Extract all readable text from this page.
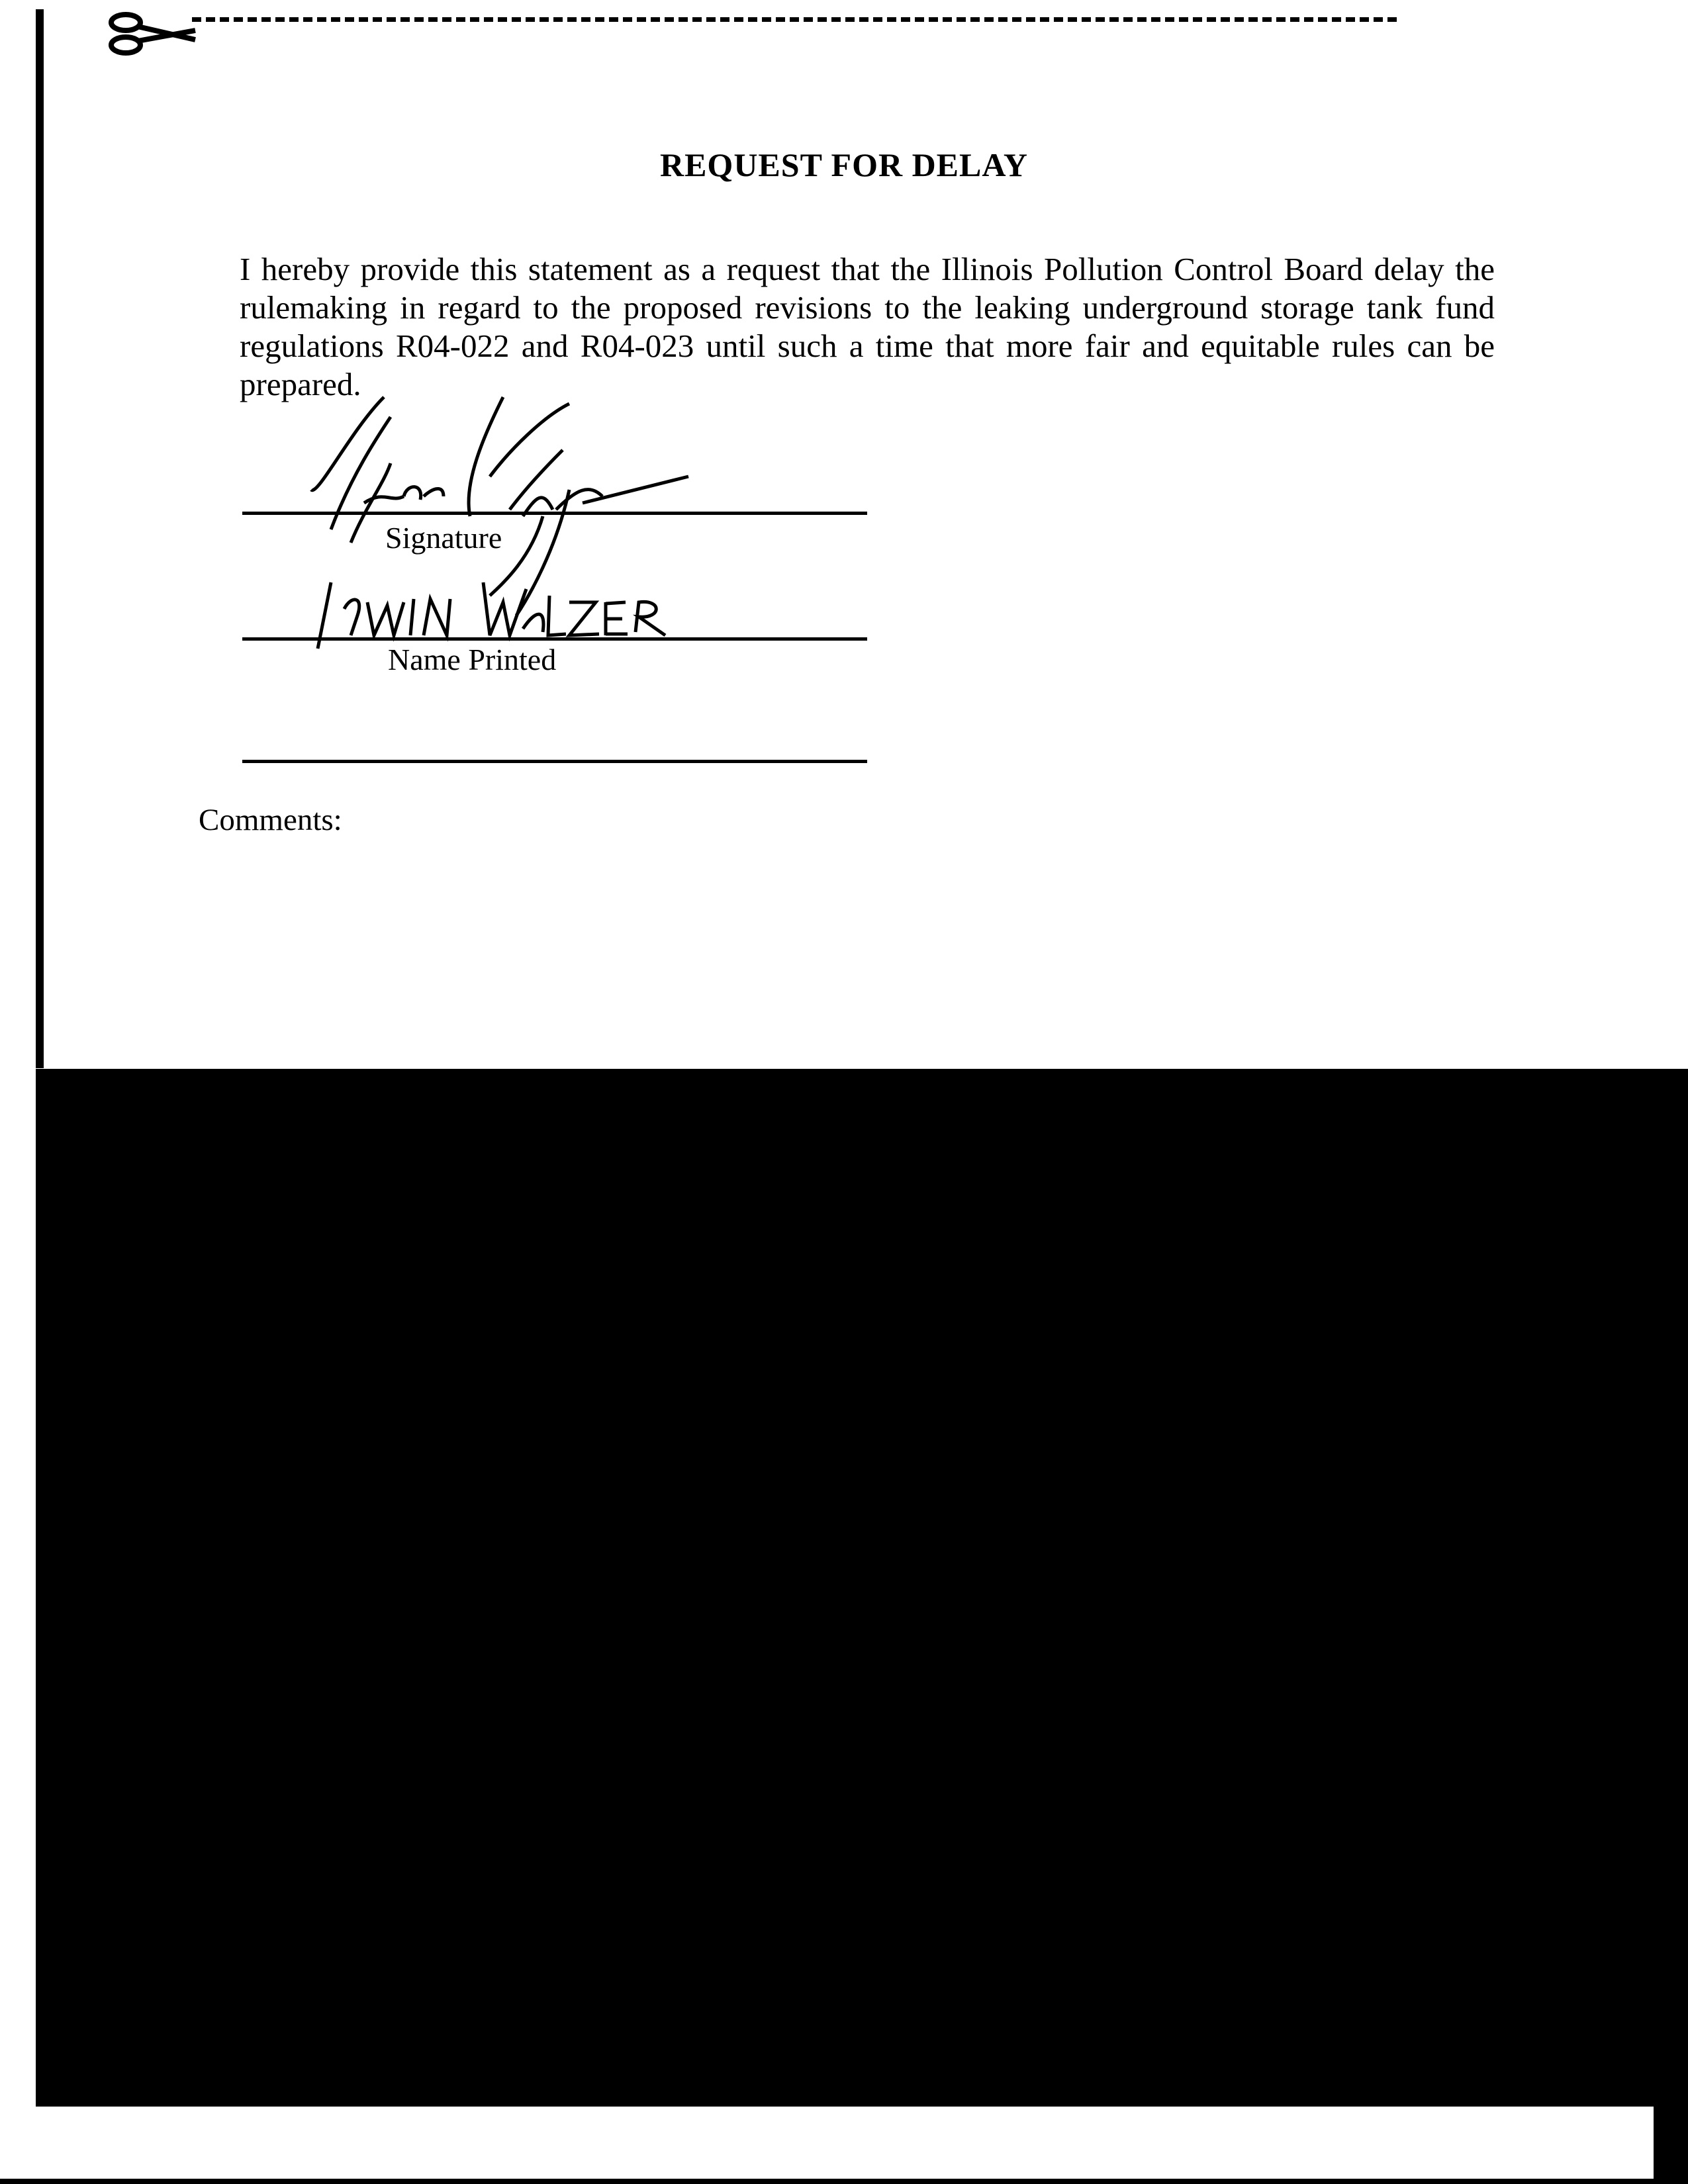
REQUEST FOR DELAY
I hereby provide this statement as a request that the Illinois Pollution Control Board delay the rulemaking in regard to the proposed revisions to the leaking underground storage tank fund regulations R04-022 and R04-023 until such a time that more fair and equitable rules can be prepared.
Signature
Name Printed
Comments:
